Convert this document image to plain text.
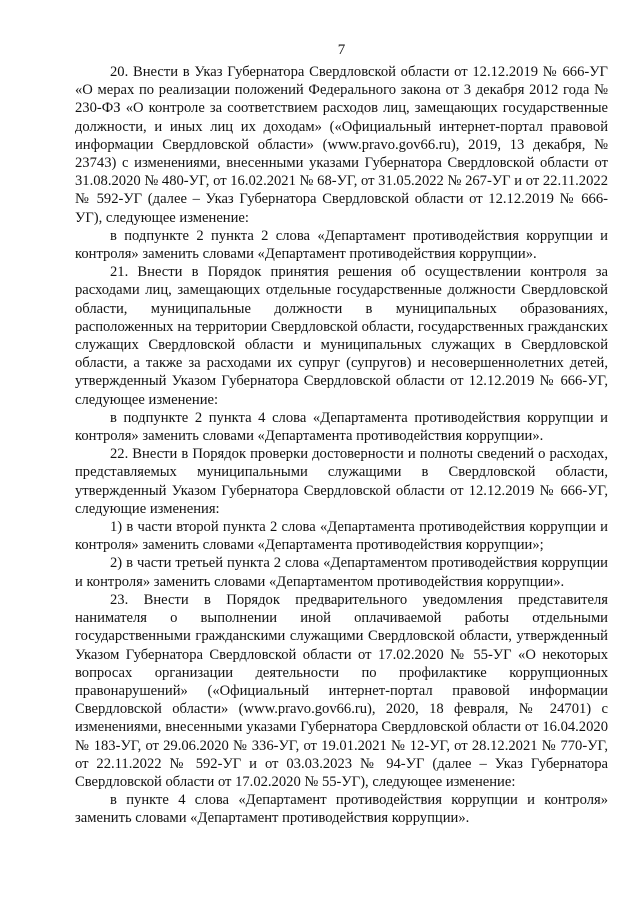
7

20. Внести в Указ Губернатора Свердловской области от 12.12.2019 № 666-УГ «О мерах по реализации положений Федерального закона от 3 декабря 2012 года № 230-ФЗ «О контроле за соответствием расходов лиц, замещающих государственные должности, и иных лиц их доходам» («Официальный интернет-портал правовой информации Свердловской области» (www.pravo.gov66.ru), 2019, 13 декабря, № 23743) с изменениями, внесенными указами Губернатора Свердловской области от 31.08.2020 № 480-УГ, от 16.02.2021 № 68-УГ, от 31.05.2022 № 267-УГ и от 22.11.2022 № 592-УГ (далее – Указ Губернатора Свердловской области от 12.12.2019 № 666-УГ), следующее изменение:

в подпункте 2 пункта 2 слова «Департамент противодействия коррупции и контроля» заменить словами «Департамент противодействия коррупции».

21. Внести в Порядок принятия решения об осуществлении контроля за расходами лиц, замещающих отдельные государственные должности Свердловской области, муниципальные должности в муниципальных образованиях, расположенных на территории Свердловской области, государственных гражданских служащих Свердловской области и муниципальных служащих в Свердловской области, а также за расходами их супруг (супругов) и несовершеннолетних детей, утвержденный Указом Губернатора Свердловской области от 12.12.2019 № 666-УГ, следующее изменение:

в подпункте 2 пункта 4 слова «Департамента противодействия коррупции и контроля» заменить словами «Департамента противодействия коррупции».

22. Внести в Порядок проверки достоверности и полноты сведений о расходах, представляемых муниципальными служащими в Свердловской области, утвержденный Указом Губернатора Свердловской области от 12.12.2019 № 666-УГ, следующие изменения:

1) в части второй пункта 2 слова «Департамента противодействия коррупции и контроля» заменить словами «Департамента противодействия коррупции»;

2) в части третьей пункта 2 слова «Департаментом противодействия коррупции и контроля» заменить словами «Департаментом противодействия коррупции».

23. Внести в Порядок предварительного уведомления представителя нанимателя о выполнении иной оплачиваемой работы отдельными государственными гражданскими служащими Свердловской области, утвержденный Указом Губернатора Свердловской области от 17.02.2020 № 55-УГ «О некоторых вопросах организации деятельности по профилактике коррупционных правонарушений» («Официальный интернет-портал правовой информации Свердловской области» (www.pravo.gov66.ru), 2020, 18 февраля, № 24701) с изменениями, внесенными указами Губернатора Свердловской области от 16.04.2020 № 183-УГ, от 29.06.2020 № 336-УГ, от 19.01.2021 № 12-УГ, от 28.12.2021 № 770-УГ, от 22.11.2022 № 592-УГ и от 03.03.2023 № 94-УГ (далее – Указ Губернатора Свердловской области от 17.02.2020 № 55-УГ), следующее изменение:

в пункте 4 слова «Департамент противодействия коррупции и контроля» заменить словами «Департамент противодействия коррупции».
